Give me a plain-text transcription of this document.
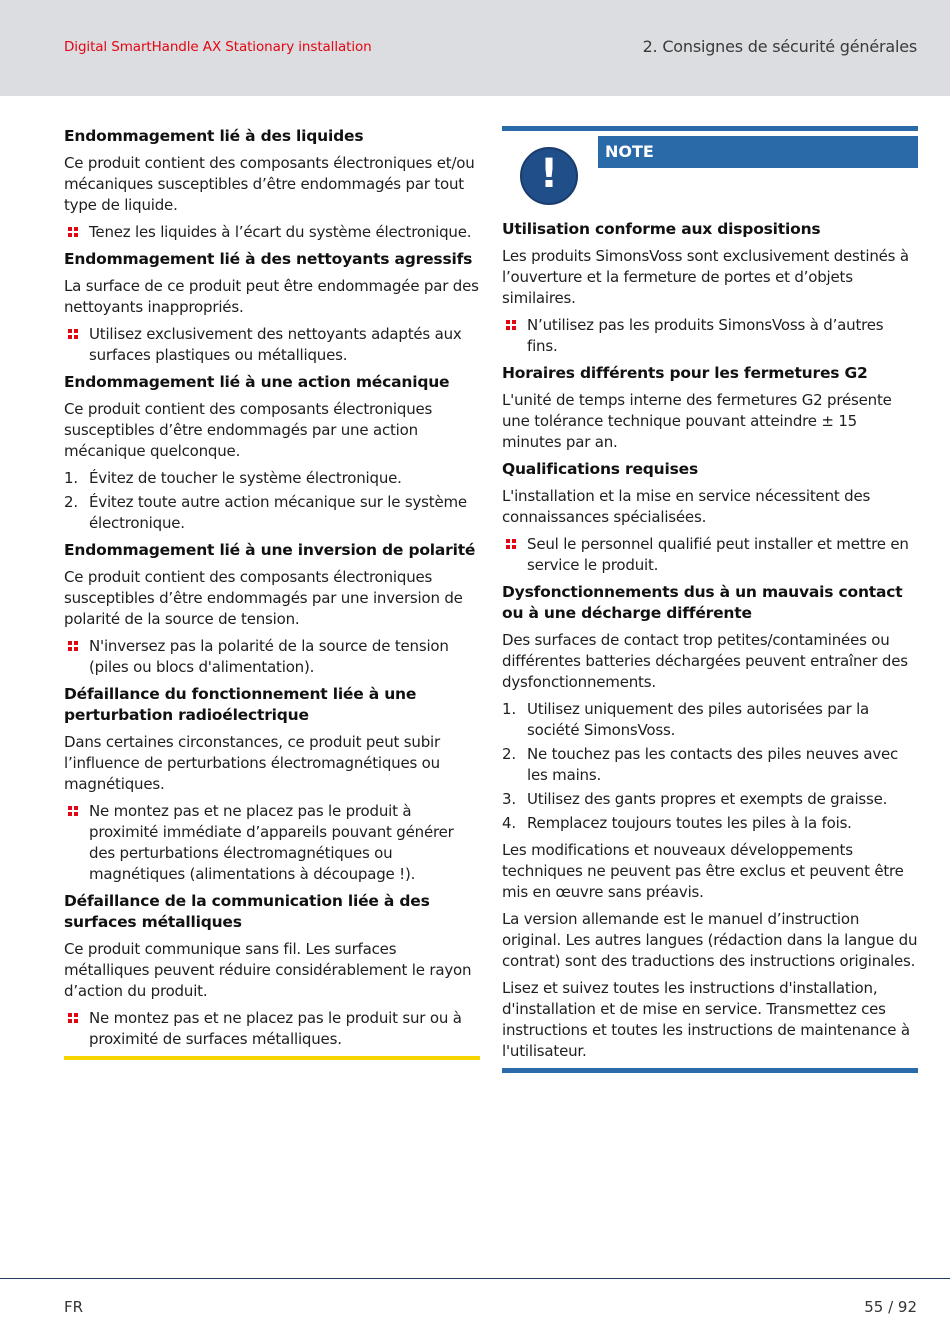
Digital SmartHandle AX Stationary installation	2. Consignes de sécurité générales
Endommagement lié à des liquides

Ce produit contient des composants électroniques et/ou mécaniques susceptibles d’être endommagés par tout type de liquide.

Tenez les liquides à l’écart du système électronique.
Endommagement lié à des nettoyants agressifs

La surface de ce produit peut être endommagée par des nettoyants inappropriés.

Utilisez exclusivement des nettoyants adaptés aux surfaces plastiques ou métalliques.
Endommagement lié à une action mécanique

Ce produit contient des composants électroniques susceptibles d’être endommagés par une action mécanique quelconque.

1. Évitez de toucher le système électronique.
2. Évitez toute autre action mécanique sur le système électronique.
Endommagement lié à une inversion de polarité

Ce produit contient des composants électroniques susceptibles d’être endommagés par une inversion de polarité de la source de tension.

N'inversez pas la polarité de la source de tension (piles ou blocs d'alimentation).
Défaillance du fonctionnement liée à une perturbation radioélectrique

Dans certaines circonstances, ce produit peut subir l’influence de perturbations électromagnétiques ou magnétiques.

Ne montez pas et ne placez pas le produit à proximité immédiate d’appareils pouvant générer des perturbations électromagnétiques ou magnétiques (alimentations à découpage !).
Défaillance de la communication liée à des surfaces métalliques

Ce produit communique sans fil. Les surfaces métalliques peuvent réduire considérablement le rayon d’action du produit.

Ne montez pas et ne placez pas le produit sur ou à proximité de surfaces métalliques.
!	NOTE
Utilisation conforme aux dispositions

Les produits SimonsVoss sont exclusivement destinés à l’ouverture et la fermeture de portes et d’objets similaires.

N’utilisez pas les produits SimonsVoss à d’autres fins.
Horaires différents pour les fermetures G2

L'unité de temps interne des fermetures G2 présente une tolérance technique pouvant atteindre ± 15 minutes par an.

Qualifications requises

L'installation et la mise en service nécessitent des connaissances spécialisées.

Seul le personnel qualifié peut installer et mettre en service le produit.
Dysfonctionnements dus à un mauvais contact ou à une décharge différente

Des surfaces de contact trop petites/contaminées ou différentes batteries déchargées peuvent entraîner des dysfonctionnements.

1. Utilisez uniquement des piles autorisées par la société SimonsVoss.
2. Ne touchez pas les contacts des piles neuves avec les mains.
3. Utilisez des gants propres et exempts de graisse.
4. Remplacez toujours toutes les piles à la fois.

Les modifications et nouveaux développements techniques ne peuvent pas être exclus et peuvent être mis en œuvre sans préavis.

La version allemande est le manuel d’instruction original. Les autres langues (rédaction dans la langue du contrat) sont des traductions des instructions originales.

Lisez et suivez toutes les instructions d'installation, d'installation et de mise en service. Transmettez ces instructions et toutes les instructions de maintenance à l'utilisateur.

FR	55 / 92
